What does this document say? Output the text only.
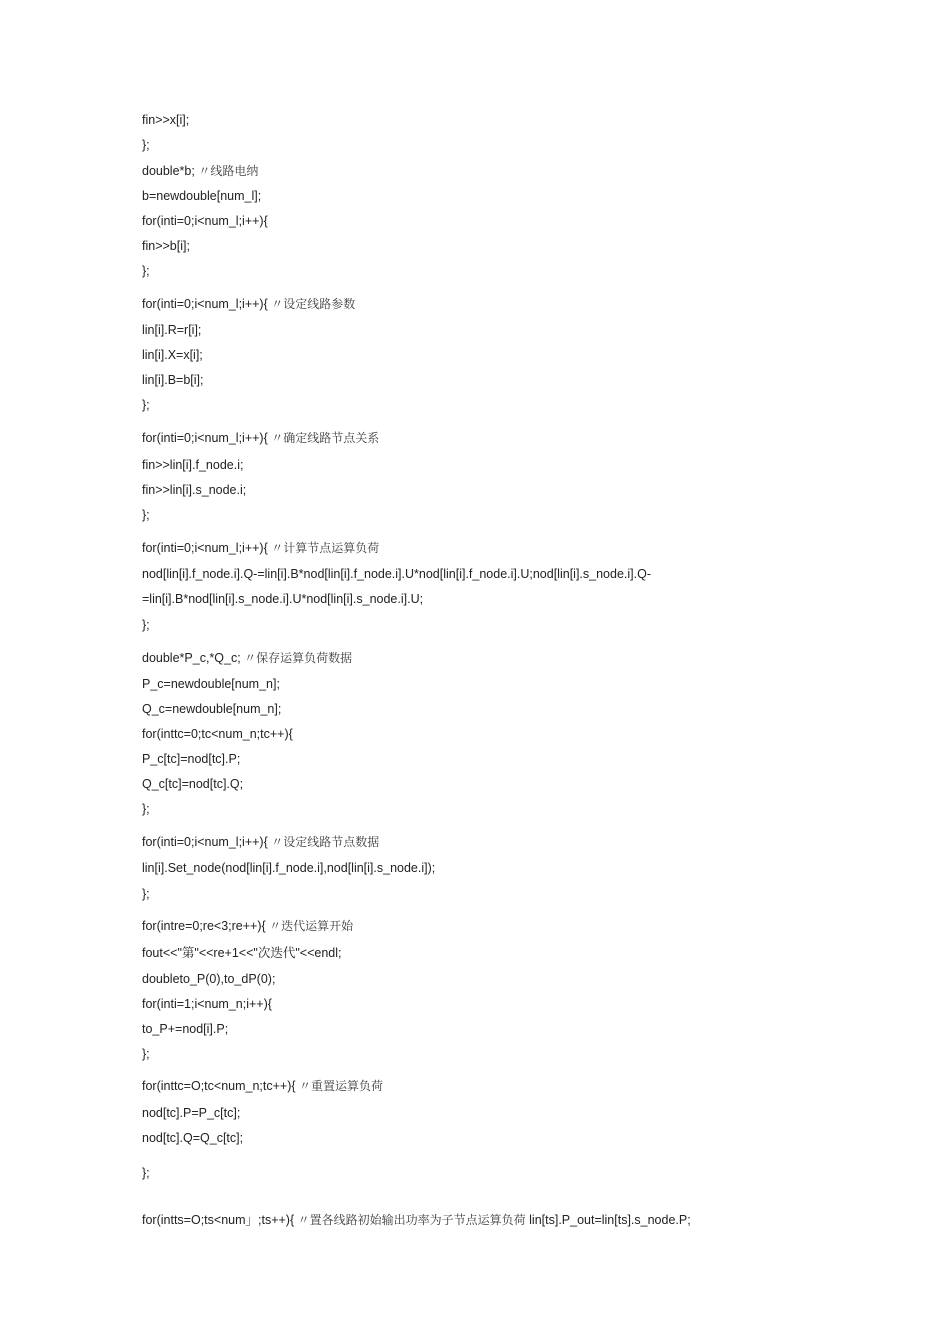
fin>>x[i];

};

double*b; 〃线路电纳

b=newdouble[num_l];

for(inti=0;i<num_l;i++){

fin>>b[i];

};

for(inti=0;i<num_l;i++){ 〃设定线路参数

lin[i].R=r[i];

lin[i].X=x[i];

lin[i].B=b[i];

};

for(inti=0;i<num_l;i++){ 〃确定线路节点关系

fin>>lin[i].f_node.i;

fin>>lin[i].s_node.i;

};

for(inti=0;i<num_l;i++){ 〃计算节点运算负荷

nod[lin[i].f_node.i].Q-=lin[i].B*nod[lin[i].f_node.i].U*nod[lin[i].f_node.i].U;nod[lin[i].s_node.i].Q-

=lin[i].B*nod[lin[i].s_node.i].U*nod[lin[i].s_node.i].U;

};

double*P_c,*Q_c; 〃保存运算负荷数据

P_c=newdouble[num_n];

Q_c=newdouble[num_n];

for(inttc=0;tc<num_n;tc++){

P_c[tc]=nod[tc].P;

Q_c[tc]=nod[tc].Q;

};

for(inti=0;i<num_l;i++){ 〃设定线路节点数据

lin[i].Set_node(nod[lin[i].f_node.i],nod[lin[i].s_node.i]);

};

for(intre=0;re<3;re++){ 〃迭代运算开始

fout<<"第"<<re+1<<"次迭代"<<endl;

doubleto_P(0),to_dP(0);

for(inti=1;i<num_n;i++){

to_P+=nod[i].P;

};

for(inttc=O;tc<num_n;tc++){ 〃重置运算负荷

nod[tc].P=P_c[tc];

nod[tc].Q=Q_c[tc];

};

for(intts=O;ts<num」;ts++){ 〃置各线路初始输出功率为子节点运算负荷 lin[ts].P_out=lin[ts].s_node.P;
